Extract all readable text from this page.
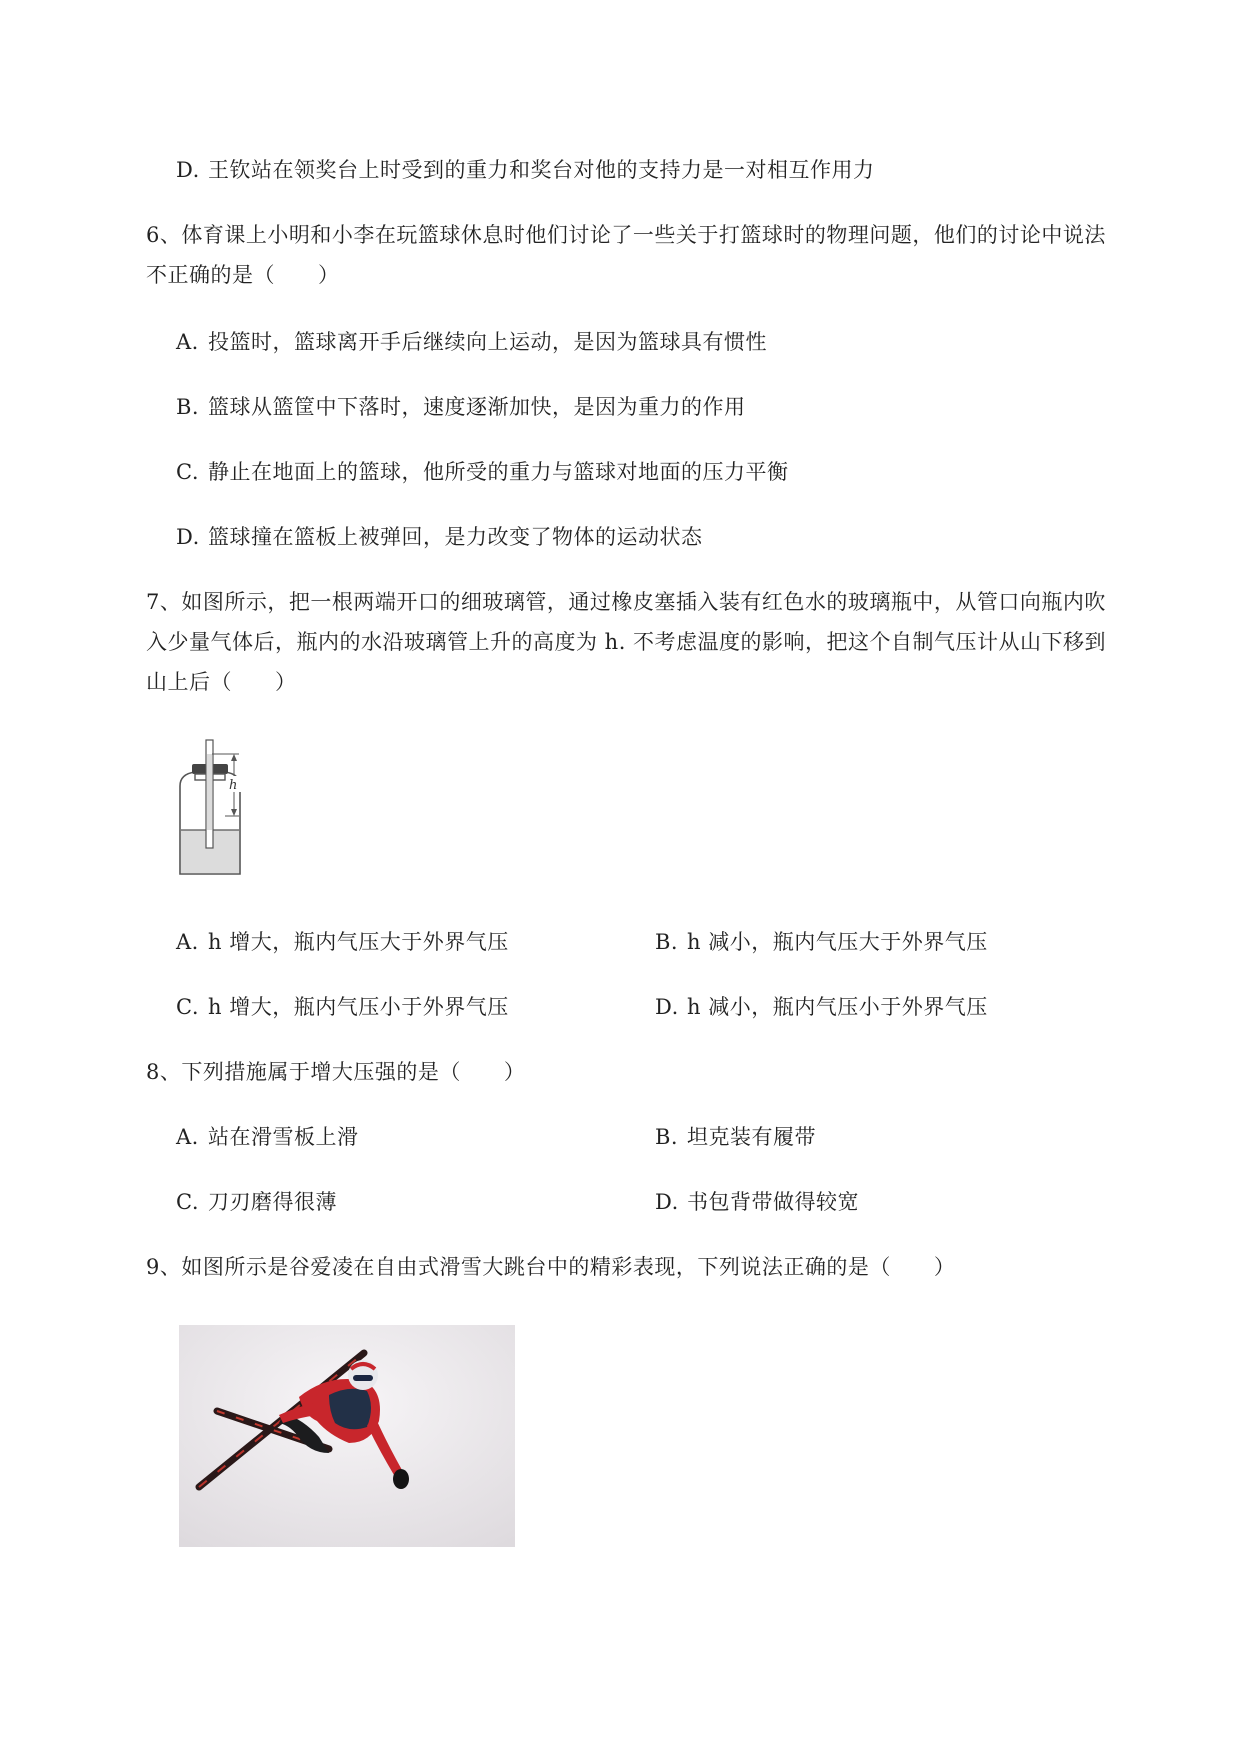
D. 王钦站在领奖台上时受到的重力和奖台对他的支持力是一对相互作用力
6、体育课上小明和小李在玩篮球休息时他们讨论了一些关于打篮球时的物理问题，他们的讨论中说法
不正确的是（　　）
A. 投篮时，篮球离开手后继续向上运动，是因为篮球具有惯性
B. 篮球从篮筐中下落时，速度逐渐加快，是因为重力的作用
C. 静止在地面上的篮球，他所受的重力与篮球对地面的压力平衡
D. 篮球撞在篮板上被弹回，是力改变了物体的运动状态
7、如图所示，把一根两端开口的细玻璃管，通过橡皮塞插入装有红色水的玻璃瓶中，从管口向瓶内吹
入少量气体后，瓶内的水沿玻璃管上升的高度为 h. 不考虑温度的影响，把这个自制气压计从山下移到
山上后（　　）
h
A. h 增大，瓶内气压大于外界气压	B. h 减小，瓶内气压大于外界气压
C. h 增大，瓶内气压小于外界气压	D. h 减小，瓶内气压小于外界气压
8、下列措施属于增大压强的是（　　）
A. 站在滑雪板上滑	B. 坦克装有履带
C. 刀刃磨得很薄	D. 书包背带做得较宽
9、如图所示是谷爱凌在自由式滑雪大跳台中的精彩表现，下列说法正确的是（　　）
